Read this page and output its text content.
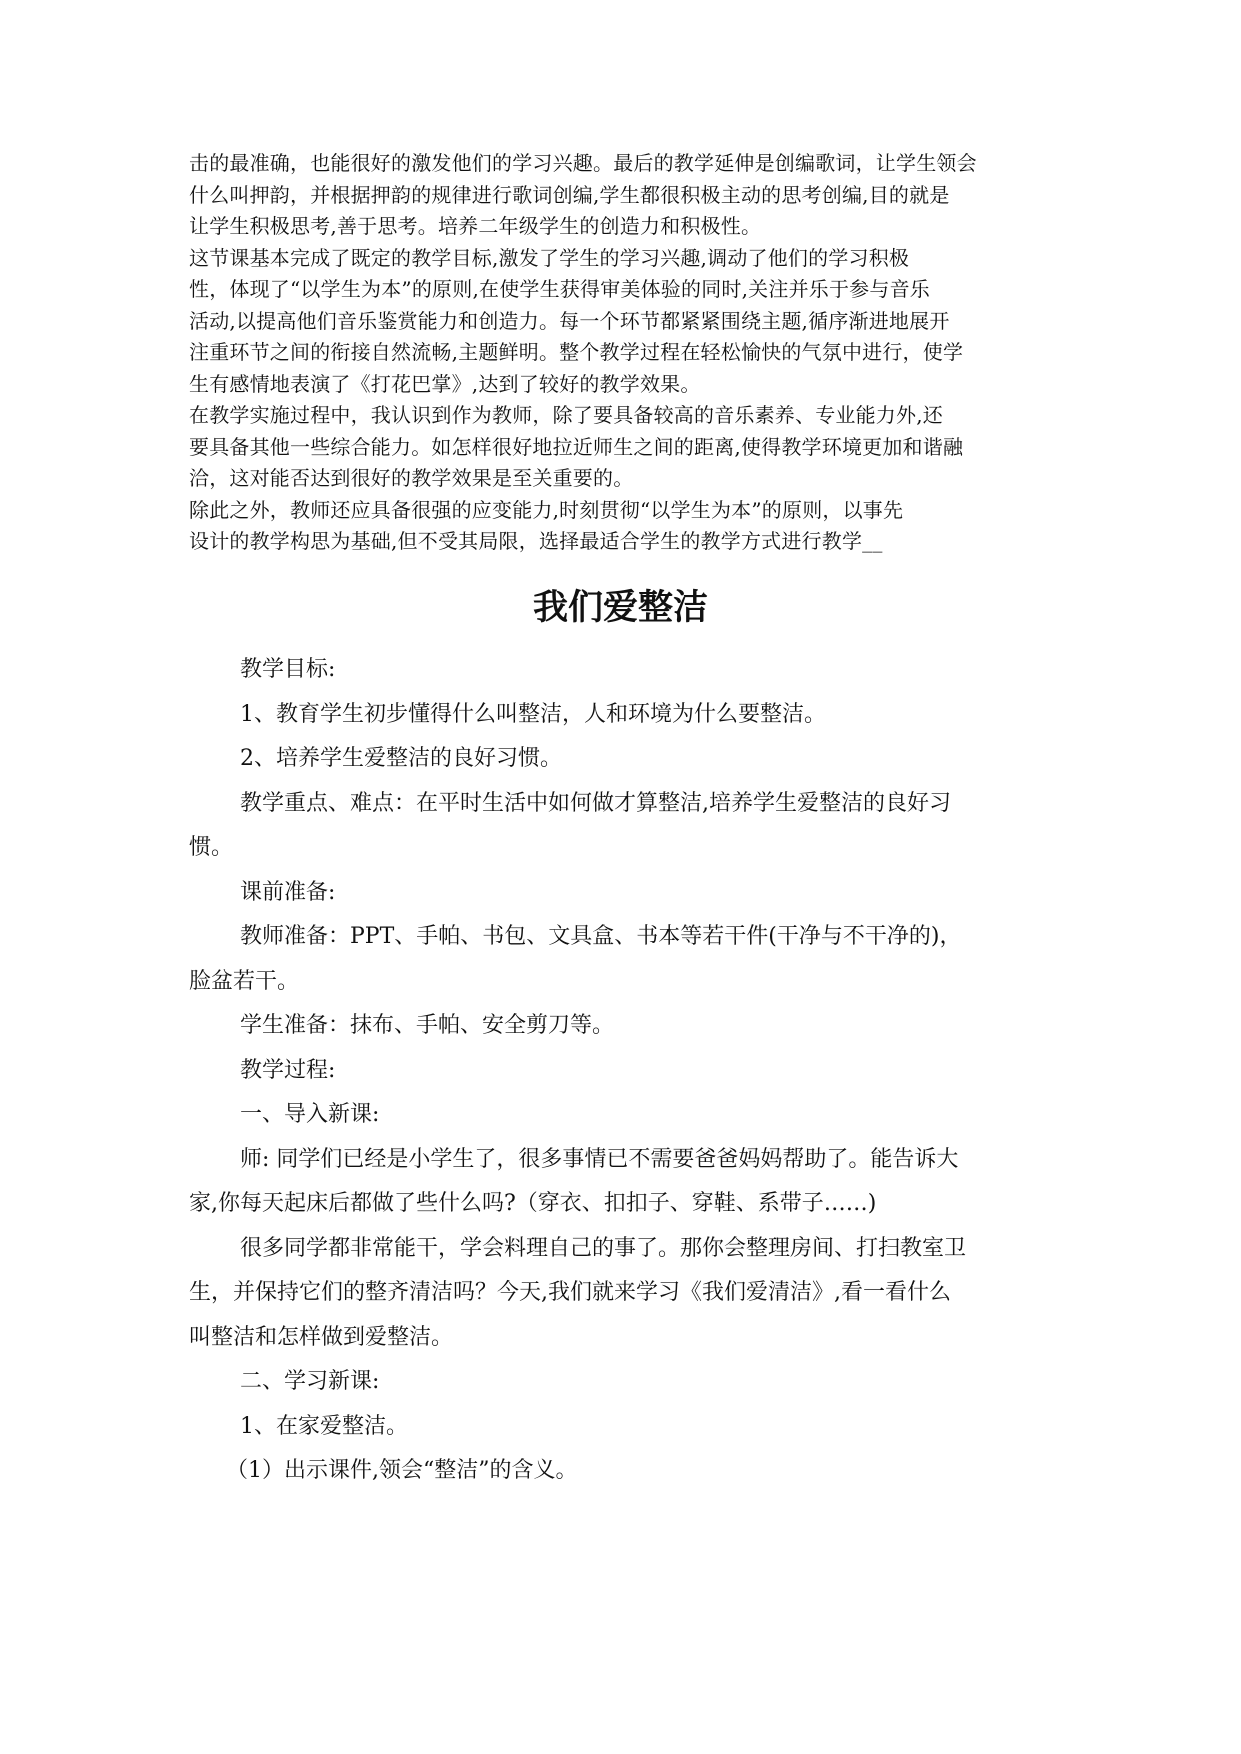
击的最准确，也能很好的激发他们的学习兴趣。最后的教学延伸是创编歌词，让学生领会
什么叫押韵，并根据押韵的规律进行歌词创编,学生都很积极主动的思考创编,目的就是
让学生积极思考,善于思考。培养二年级学生的创造力和积极性。
这节课基本完成了既定的教学目标,激发了学生的学习兴趣,调动了他们的学习积极
性，体现了“以学生为本”的原则,在使学生获得审美体验的同时,关注并乐于参与音乐
活动,以提高他们音乐鉴赏能力和创造力。每一个环节都紧紧围绕主题,循序渐进地展开
注重环节之间的衔接自然流畅,主题鲜明。整个教学过程在轻松愉快的气氛中进行，使学
生有感情地表演了《打花巴掌》,达到了较好的教学效果。
在教学实施过程中，我认识到作为教师，除了要具备较高的音乐素养、专业能力外,还
要具备其他一些综合能力。如怎样很好地拉近师生之间的距离,使得教学环境更加和谐融
洽，这对能否达到很好的教学效果是至关重要的。
除此之外，教师还应具备很强的应变能力,时刻贯彻“以学生为本”的原则，以事先
设计的教学构思为基础,但不受其局限，选择最适合学生的教学方式进行教学__
我们爱整洁
教学目标:
1、教育学生初步懂得什么叫整洁，人和环境为什么要整洁。
2、培养学生爱整洁的良好习惯。
教学重点、难点：在平时生活中如何做才算整洁,培养学生爱整洁的良好习
惯。
课前准备:
教师准备：PPT、手帕、书包、文具盒、书本等若干件(干净与不干净的)，
脸盆若干。
学生准备：抹布、手帕、安全剪刀等。
教学过程:
一、导入新课:
师: 同学们已经是小学生了，很多事情已不需要爸爸妈妈帮助了。能告诉大
家,你每天起床后都做了些什么吗?（穿衣、扣扣子、穿鞋、系带子……)
很多同学都非常能干，学会料理自己的事了。那你会整理房间、打扫教室卫
生，并保持它们的整齐清洁吗？今天,我们就来学习《我们爱清洁》,看一看什么
叫整洁和怎样做到爱整洁。
二、学习新课:
1、在家爱整洁。
（1）出示课件,领会“整洁”的含义。
